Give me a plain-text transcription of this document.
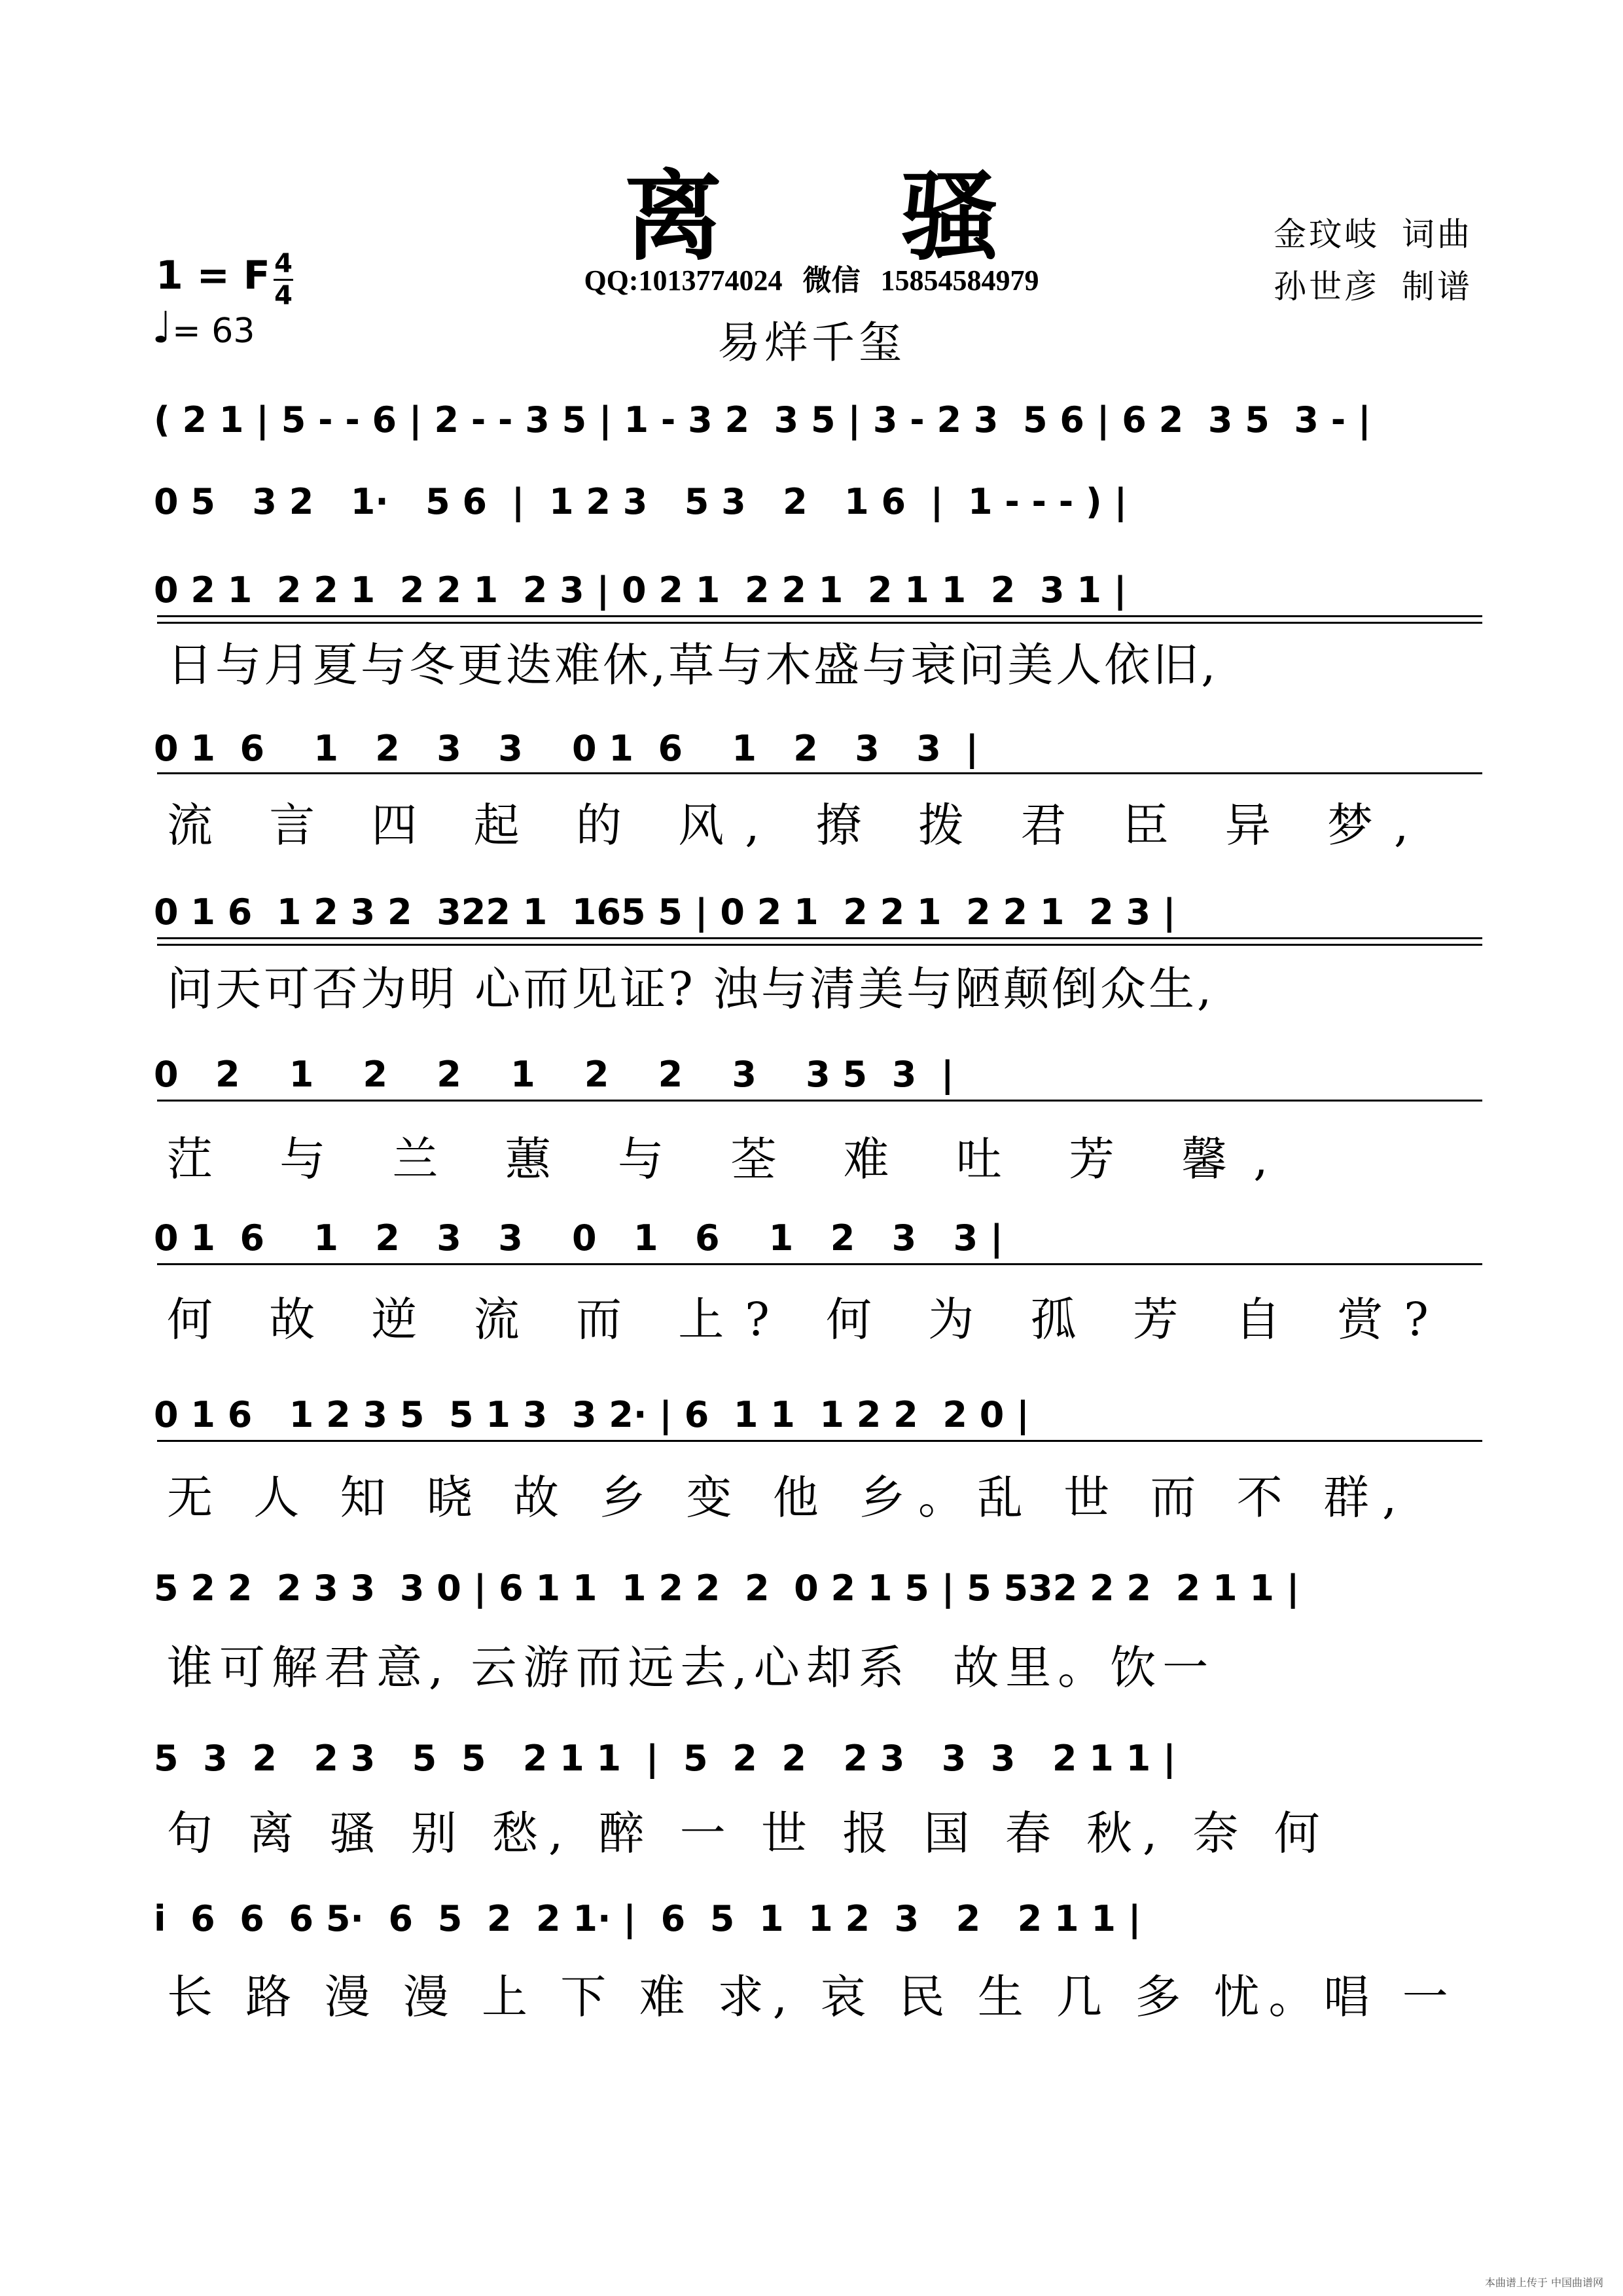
离 骚
QQ:1013774024 微信 15854584979
易烊千玺
金玟岐 词曲
孙世彦 制谱
1 = F 4
4
♩= 63
( 2 1 | 5 - - 6 | 2 - - 3 5 | 1 - 3 2  3 5 | 3 - 2 3  5 6 | 6 2  3 5  3 - |
0 5   3 2   1·   5 6  |  1 2 3   5 3   2   1 6  |  1 - - - ) |
0 2 1  2 2 1  2 2 1  2 3 | 0 2 1  2 2 1  2 1 1  2  3 1 |
日与月夏与冬更迭难休,草与木盛与衰问美人依旧,
0 1  6    1   2   3   3    0 1  6    1   2   3   3  |
流 言 四 起 的 风, 撩 拨 君 臣 异 梦,
0 1 6  1 2 3 2  322 1  165 5 | 0 2 1  2 2 1  2 2 1  2 3 |
问天可否为明 心而见证? 浊与清美与陋颠倒众生,
0   2    1    2    2    1    2    2    3    3 5  3  |
茳 与 兰 蕙 与 荃 难 吐 芳 馨,
0 1  6    1   2   3   3    0   1   6    1   2   3   3 |
何 故 逆 流 而 上? 何 为 孤 芳 自 赏?
0 1 6   1 2 3 5  5 1 3  3 2· | 6  1 1  1 2 2  2 0 |
无 人 知 晓 故 乡 变 他 乡。乱 世 而 不 群,
5 2 2  2 3 3  3 0 | 6 1 1  1 2 2  2  0 2 1 5 | 5 532 2 2  2 1 1 |
谁可解君意, 云游而远去,心却系  故里。饮一
5  3  2   2 3   5  5   2 1 1  |  5  2  2   2 3   3  3   2 1 1 |
句 离 骚 别 愁, 醉 一 世 报 国 春 秋, 奈 何
i  6  6  6 5·  6  5  2  2 1· |  6  5  1  1 2  3   2   2 1 1 |
长 路 漫 漫 上 下 难 求, 哀 民 生 几 多 忧。唱 一
本曲谱上传于 中国曲谱网
